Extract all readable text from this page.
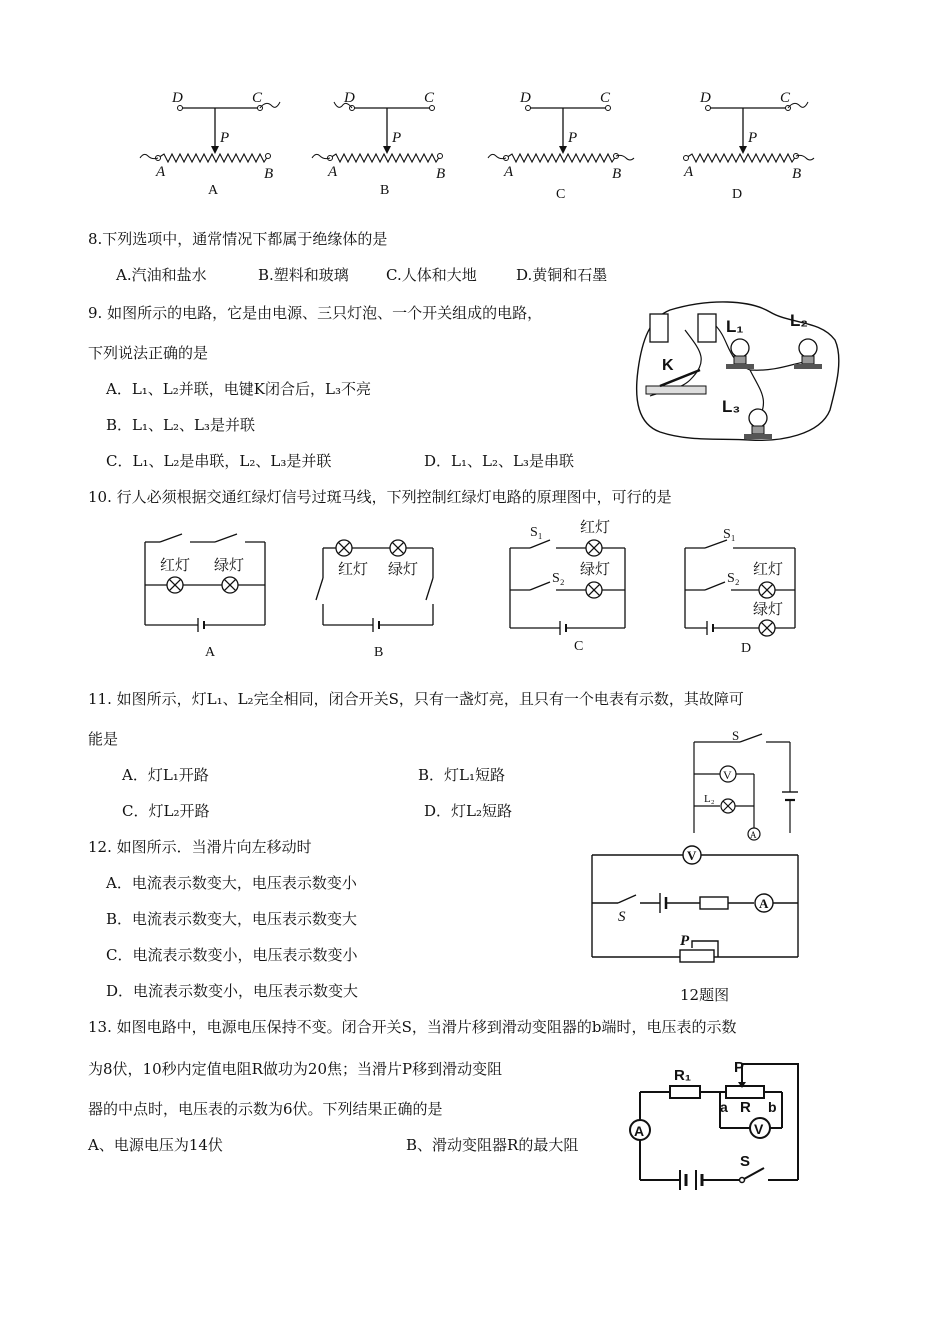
D	C
P
A	B
A
D	C
P
A	B
B
D	C
P
A	B
C
D	C
P
A	B
D
8.下列选项中，通常情况下都属于绝缘体的是
A.汽油和盐水	B.塑料和玻璃 C.人体和大地	D.黄铜和石墨
9. 如图所示的电路，它是由电源、三只灯泡、一个开关组成的电路，
下列说法正确的是
A．L₁、L₂并联，电键K闭合后，L₃不亮
B．L₁、L₂、L₃是并联
C．L₁、L₂是串联，L₂、L₃是并联	D．L₁、L₂、L₃是串联
K
L₁	L₂
L₃
10. 行人必须根据交通红绿灯信号过斑马线，下列控制红绿灯电路的原理图中，可行的是
红灯 绿灯
A
红灯 绿灯
B
S₁
S₂
红灯
绿灯
C
S₁
S₂
红灯
绿灯
D
11. 如图所示，灯L₁、L₂完全相同，闭合开关S，只有一盏灯亮，且只有一个电表有示数，其故障可
能是
A．灯L₁开路	B．灯L₁短路
C．灯L₂开路	D．灯L₂短路
S
V
L₂
A
12. 如图所示．当滑片向左移动时
A．电流表示数变大，电压表示数变小
B．电流表示数变大，电压表示数变大
C．电流表示数变小，电压表示数变小
D．电流表示数变小，电压表示数变大
V
S
A
P
12题图
13. 如图电路中，电源电压保持不变。闭合开关S，当滑片移到滑动变阻器的b端时，电压表的示数
为8伏，10秒内定值电阻R做功为20焦；当滑片P移到滑动变阻
器的中点时，电压表的示数为6伏。下列结果正确的是
A、电源电压为14伏	B、滑动变阻器R的最大阻
R₁	P
a R b
V
A
S
